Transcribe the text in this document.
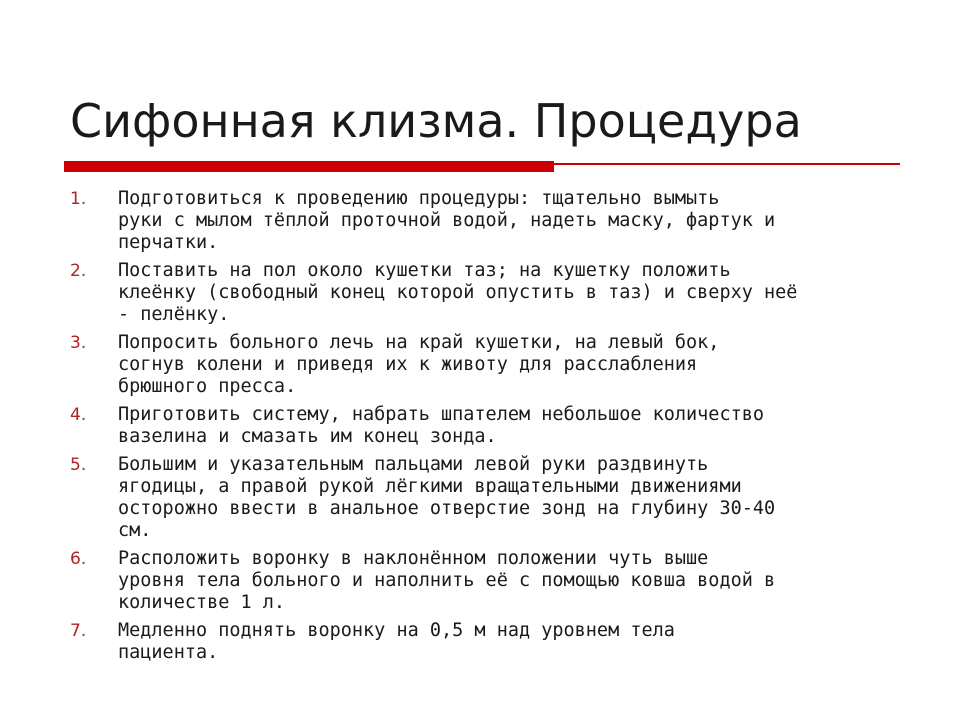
Сифонная клизма. Процедура
1.	Подготовиться к проведению процедуры: тщательно вымыть
руки с мылом тёплой проточной водой, надеть маску, фартук и
перчатки.
2.	Поставить на пол около кушетки таз; на кушетку положить
клеёнку (свободный конец которой опустить в таз) и сверху неё
- пелёнку.
3.	Попросить больного лечь на край кушетки, на левый бок,
согнув колени и приведя их к животу для расслабления
брюшного пресса.
4.	Приготовить систему, набрать шпателем небольшое количество
вазелина и смазать им конец зонда.
5.	Большим и указательным пальцами левой руки раздвинуть
ягодицы, а правой рукой лёгкими вращательными движениями
осторожно ввести в анальное отверстие зонд на глубину 30-40
см.
6.	Расположить воронку в наклонённом положении чуть выше
уровня тела больного и наполнить её с помощью ковша водой в
количестве 1 л.
7.	Медленно поднять воронку на 0,5 м над уровнем тела
пациента.
